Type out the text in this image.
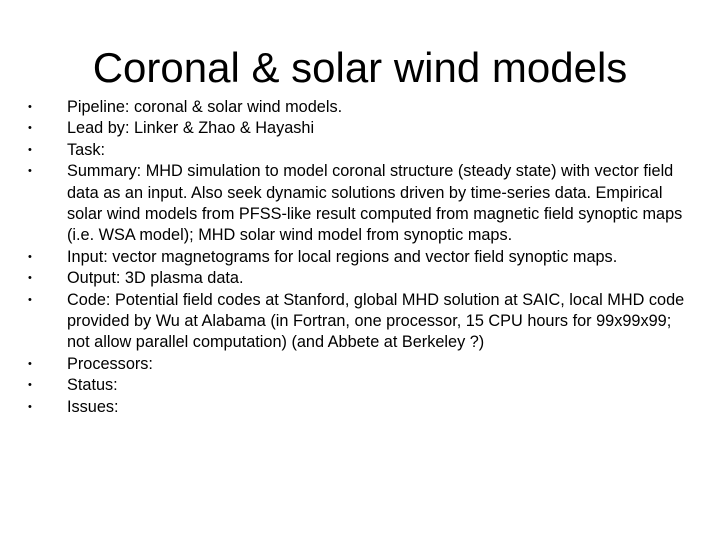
Coronal & solar wind models
• Pipeline: coronal & solar wind models.
• Lead by: Linker & Zhao & Hayashi
• Task:
• Summary: MHD simulation to model coronal structure (steady state) with vector field data as an input. Also seek dynamic solutions driven by time-series data. Empirical solar wind models from PFSS-like result computed from magnetic field synoptic maps (i.e. WSA model); MHD solar wind model from synoptic maps.
• Input: vector magnetograms for local regions and vector field synoptic maps.
• Output: 3D plasma data.
• Code: Potential field codes at Stanford, global MHD solution at SAIC, local MHD code provided by Wu at Alabama (in Fortran, one processor, 15 CPU hours for 99x99x99; not allow parallel computation) (and Abbete at Berkeley ?)
• Processors:
• Status:
• Issues:
